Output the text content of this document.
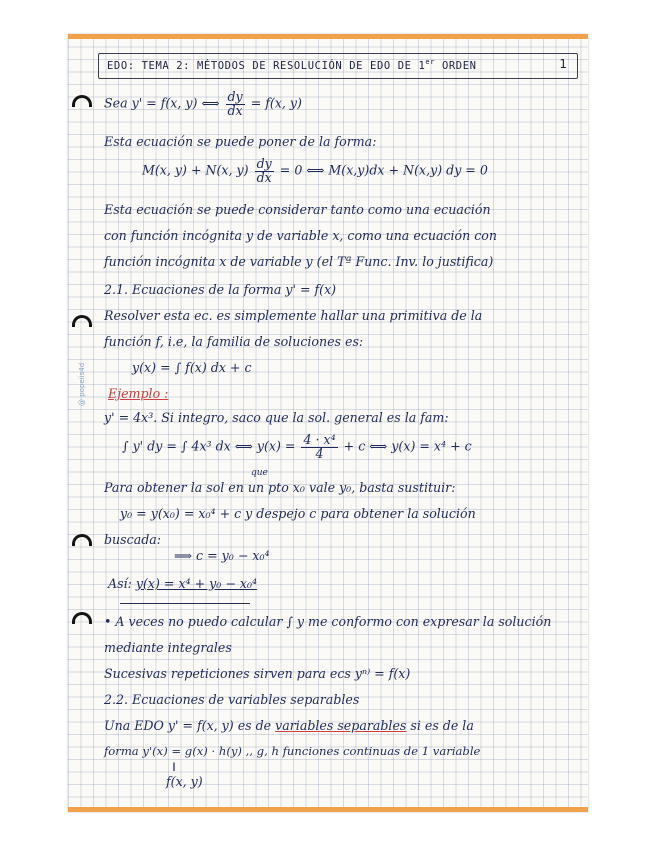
EDO: TEMA 2: MÉTODOS DE RESOLUCIÓN DE EDO DE 1er ORDEN	1
@ popeiis4d
Sea y' = f(x, y) ⟺ $\frac{dy}{dx} = f(x$, y)
Esta ecuación se puede poner de la forma:
M(x, y) + N(x, $y) \frac{dy}{dx} = 0$ ⟺ M(x,y)dx + N(x,y) dy = 0
Esta ecuación se puede considerar tanto como una ecuación
con función incógnita y de variable x, como una ecuación con
función incógnita x de variable y (el Tª Func. Inv. lo justifica)
2.1. Ecuaciones de la forma y' = f(x)
Resolver esta ec. es simplemente hallar una primitiva de la
función f, i.e, la familia de soluciones es:
y(x) = ∫ f(x) dx + c
Ejemplo :
y' = 4x³. Si integro, saco que la sol. general es la fam:
∫ y' dy = ∫ 4x³ dx ⟺ $y(x) = \frac{\text{4 · x⁴}}{4} + c$ ⟺ y(x) = x⁴ + c
que
Para obtener la sol en un pto x₀ vale y₀, basta sustituir:
y₀ = y(x₀) = x₀⁴ + c y despejo c para obtener la solución
buscada:
⟹ c = y₀ − x₀⁴
Así: y(x) = x⁴ + y₀ − x₀⁴
• A veces no puedo calcular ∫ y me conformo con expresar la solución
mediante integrales
Sucesivas repeticiones sirven para ecs yⁿ⁾ = f(x)
2.2. Ecuaciones de variables separables
Una EDO y' = f(x, y) es de variables separables si es de la
forma y'(x) = g(x) · h(y) ,, g, h funciones continuas de 1 variable
‖
f(x, y)
